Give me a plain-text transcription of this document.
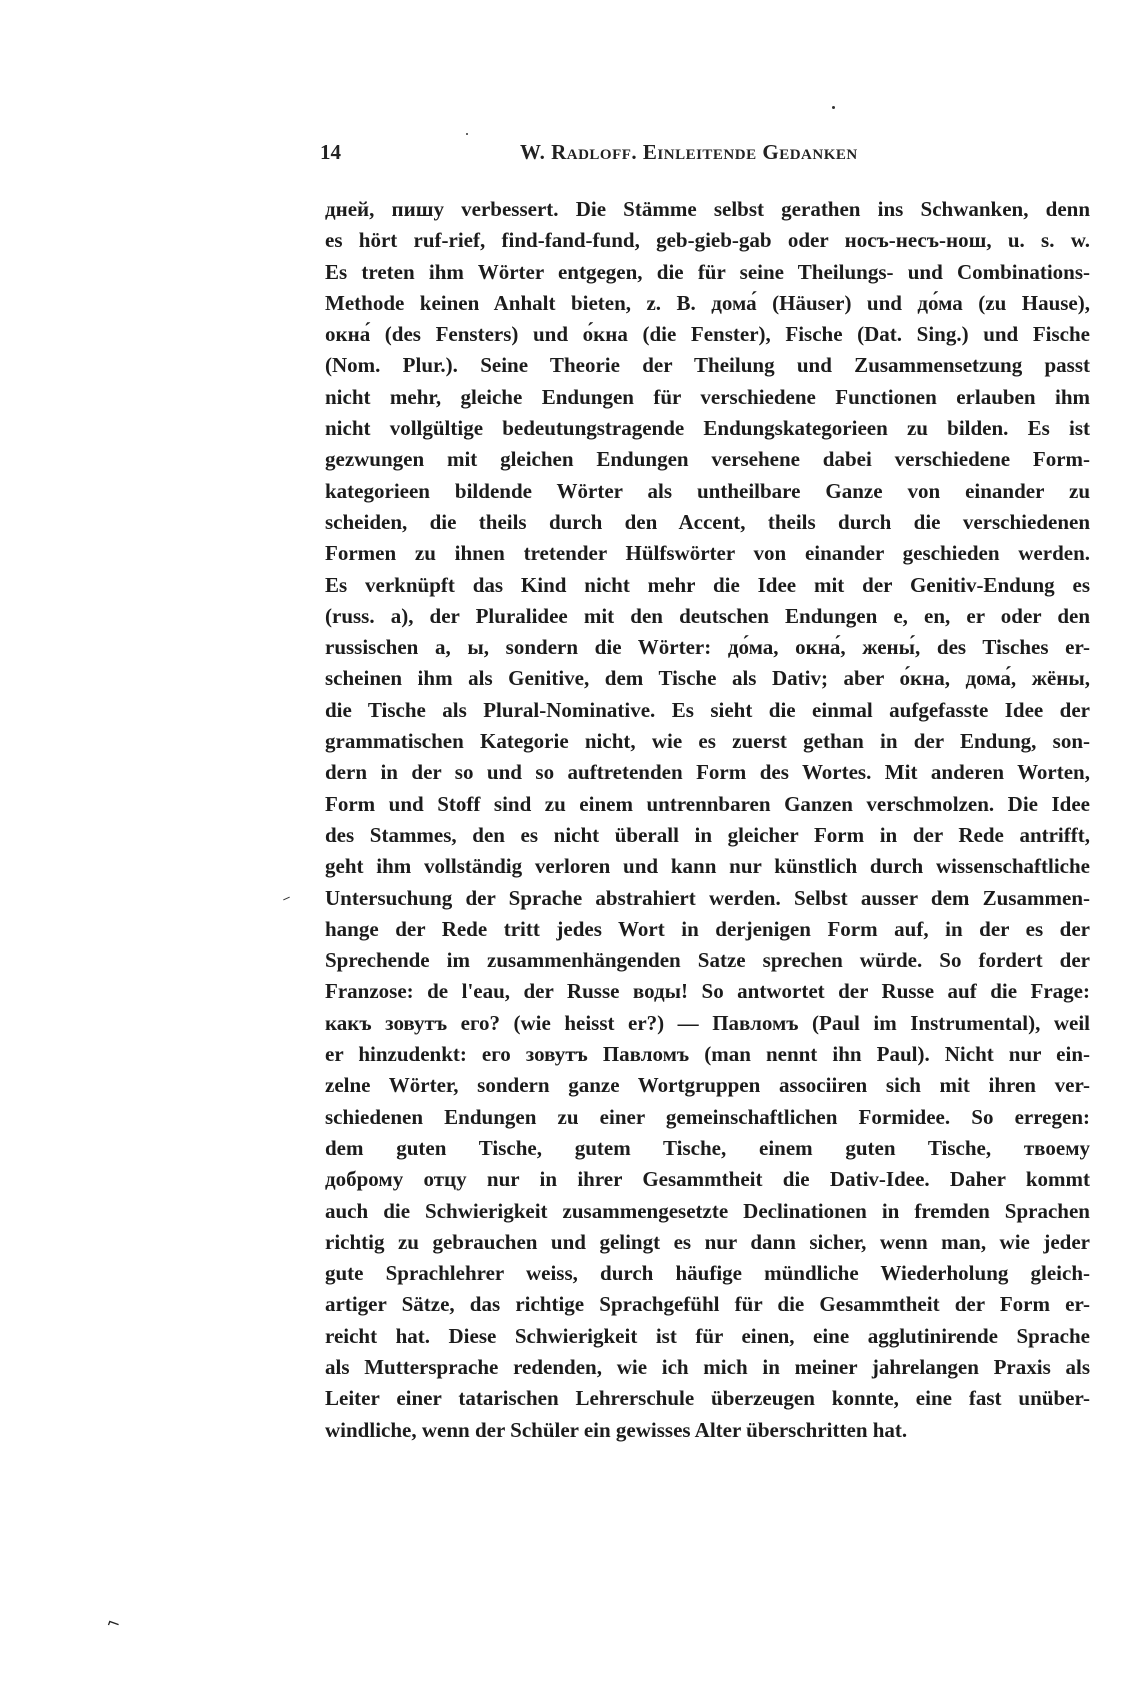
14	W. Radloff. Einleitende Gedanken
днeй, пишу verbessert. Die Stämme selbst gerathen ins Schwanken, denn
es hört ruf-rief, find-fand-fund, geb-gieb-gab oder носъ-несъ-нош, u. s. w.
Es treten ihm Wörter entgegen, die für seine Theilungs- und Combinations-
Methode keinen Anhalt bieten, z. B. дома́ (Häuser) und до́ма (zu Hause),
окна́ (des Fensters) und о́кна (die Fenster), Fische (Dat. Sing.) und Fische
(Nom. Plur.). Seine Theorie der Theilung und Zusammensetzung passt
nicht mehr, gleiche Endungen für verschiedene Functionen erlauben ihm
nicht vollgültige bedeutungstragende Endungskategorieen zu bilden. Es ist
gezwungen mit gleichen Endungen versehene dabei verschiedene Form-
kategorieen bildende Wörter als untheilbare Ganze von einander zu
scheiden, die theils durch den Accent, theils durch die verschiedenen
Formen zu ihnen tretender Hülfswörter von einander geschieden werden.
Es verknüpft das Kind nicht mehr die Idee mit der Genitiv-Endung es
(russ. a), der Pluralidee mit den deutschen Endungen e, en, er oder den
russischen а, ы, sondern die Wörter: до́ма, окна́, жены́, des Tisches er-
scheinen ihm als Genitive, dem Tische als Dativ; aber о́кна, дома́, жёны,
die Tische als Plural-Nominative. Es sieht die einmal aufgefasste Idee der
grammatischen Kategorie nicht, wie es zuerst gethan in der Endung, son-
dern in der so und so auftretenden Form des Wortes. Mit anderen Worten,
Form und Stoff sind zu einem untrennbaren Ganzen verschmolzen. Die Idee
des Stammes, den es nicht überall in gleicher Form in der Rede antrifft,
geht ihm vollständig verloren und kann nur künstlich durch wissenschaftliche
Untersuchung der Sprache abstrahiert werden. Selbst ausser dem Zusammen-
hange der Rede tritt jedes Wort in derjenigen Form auf, in der es der
Sprechende im zusammenhängenden Satze sprechen würde. So fordert der
Franzose: de l'eau, der Russe воды! So antwortet der Russe auf die Frage:
какъ зовутъ его? (wie heisst er?) — Павломъ (Paul im Instrumental), weil
er hinzudenkt: его зовутъ Павломъ (man nennt ihn Paul). Nicht nur ein-
zelne Wörter, sondern ganze Wortgruppen associiren sich mit ihren ver-
schiedenen Endungen zu einer gemeinschaftlichen Formidee. So erregen:
dem guten Tische, gutem Tische, einem guten Tische, твоему
доброму отцу nur in ihrer Gesammtheit die Dativ-Idee. Daher kommt
auch die Schwierigkeit zusammengesetzte Declinationen in fremden Sprachen
richtig zu gebrauchen und gelingt es nur dann sicher, wenn man, wie jeder
gute Sprachlehrer weiss, durch häufige mündliche Wiederholung gleich-
artiger Sätze, das richtige Sprachgefühl für die Gesammtheit der Form er-
reicht hat. Diese Schwierigkeit ist für einen, eine agglutinirende Sprache
als Muttersprache redenden, wie ich mich in meiner jahrelangen Praxis als
Leiter einer tatarischen Lehrerschule überzeugen konnte, eine fast unüber-
windliche, wenn der Schüler ein gewisses Alter überschritten hat.
⌐
